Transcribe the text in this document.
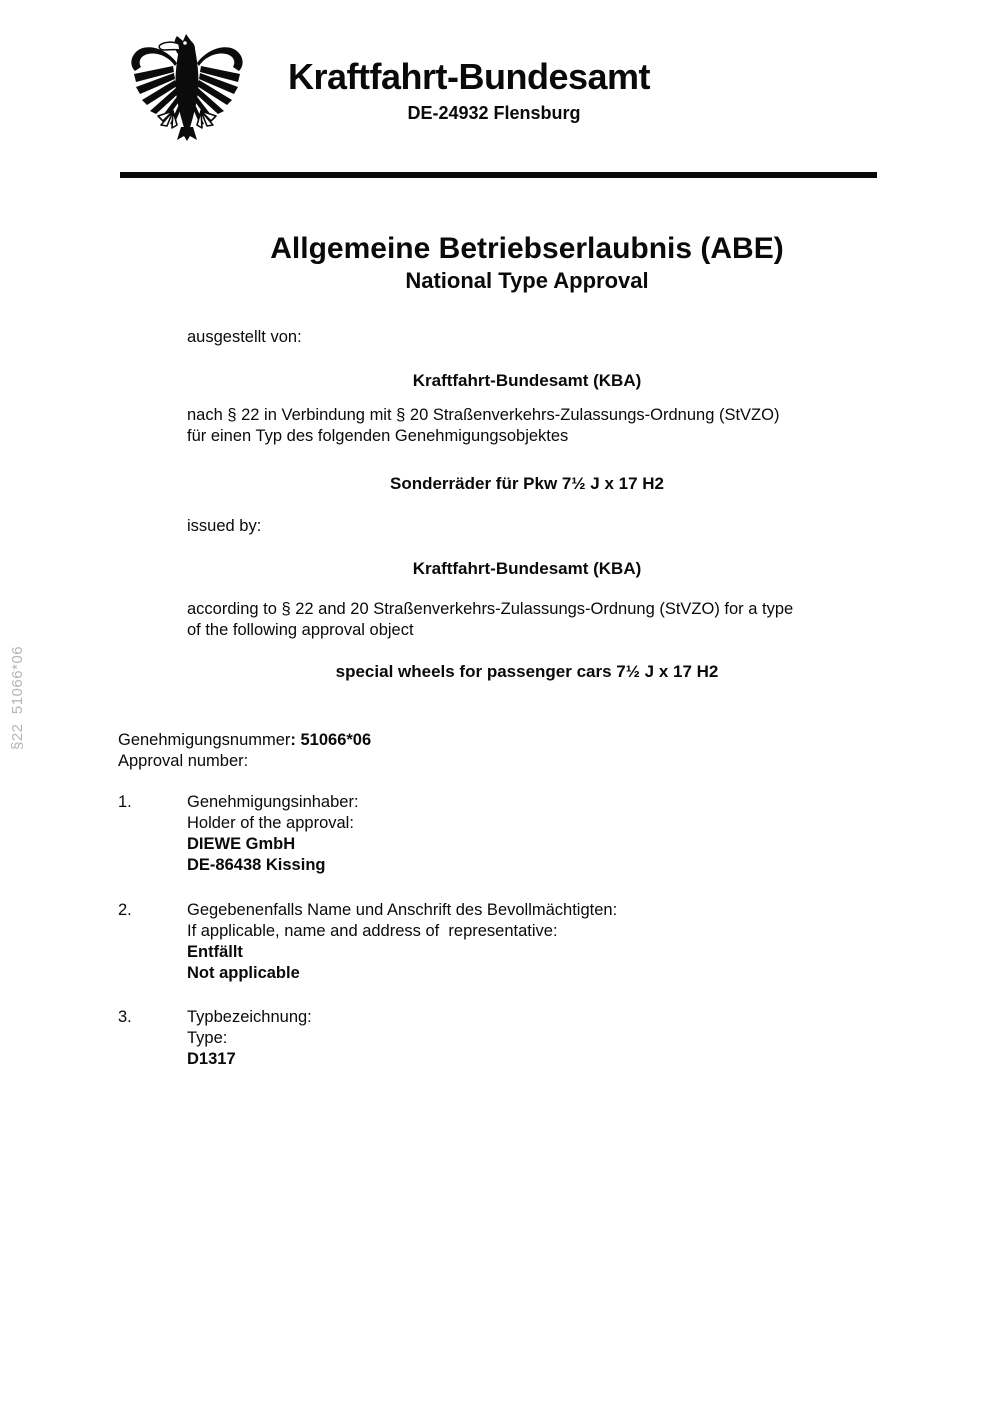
§22  51066*06
Kraftfahrt-Bundesamt
DE-24932 Flensburg
Allgemeine Betriebserlaubnis (ABE)
National Type Approval
ausgestellt von:
Kraftfahrt-Bundesamt (KBA)
nach § 22 in Verbindung mit § 20 Straßenverkehrs-Zulassungs-Ordnung (StVZO)
für einen Typ des folgenden Genehmigungsobjektes
Sonderräder für Pkw 7½ J x 17 H2
issued by:
Kraftfahrt-Bundesamt (KBA)
according to § 22 and 20 Straßenverkehrs-Zulassungs-Ordnung (StVZO) for a type
of the following approval object
special wheels for passenger cars 7½ J x 17 H2
Genehmigungsnummer: 51066*06
Approval number:
1.	Genehmigungsinhaber:
Holder of the approval:
DIEWE GmbH
DE-86438 Kissing
2.	Gegebenenfalls Name und Anschrift des Bevollmächtigten:
If applicable, name and address of  representative:
Entfällt
Not applicable
3.	Typbezeichnung:
Type:
D1317
